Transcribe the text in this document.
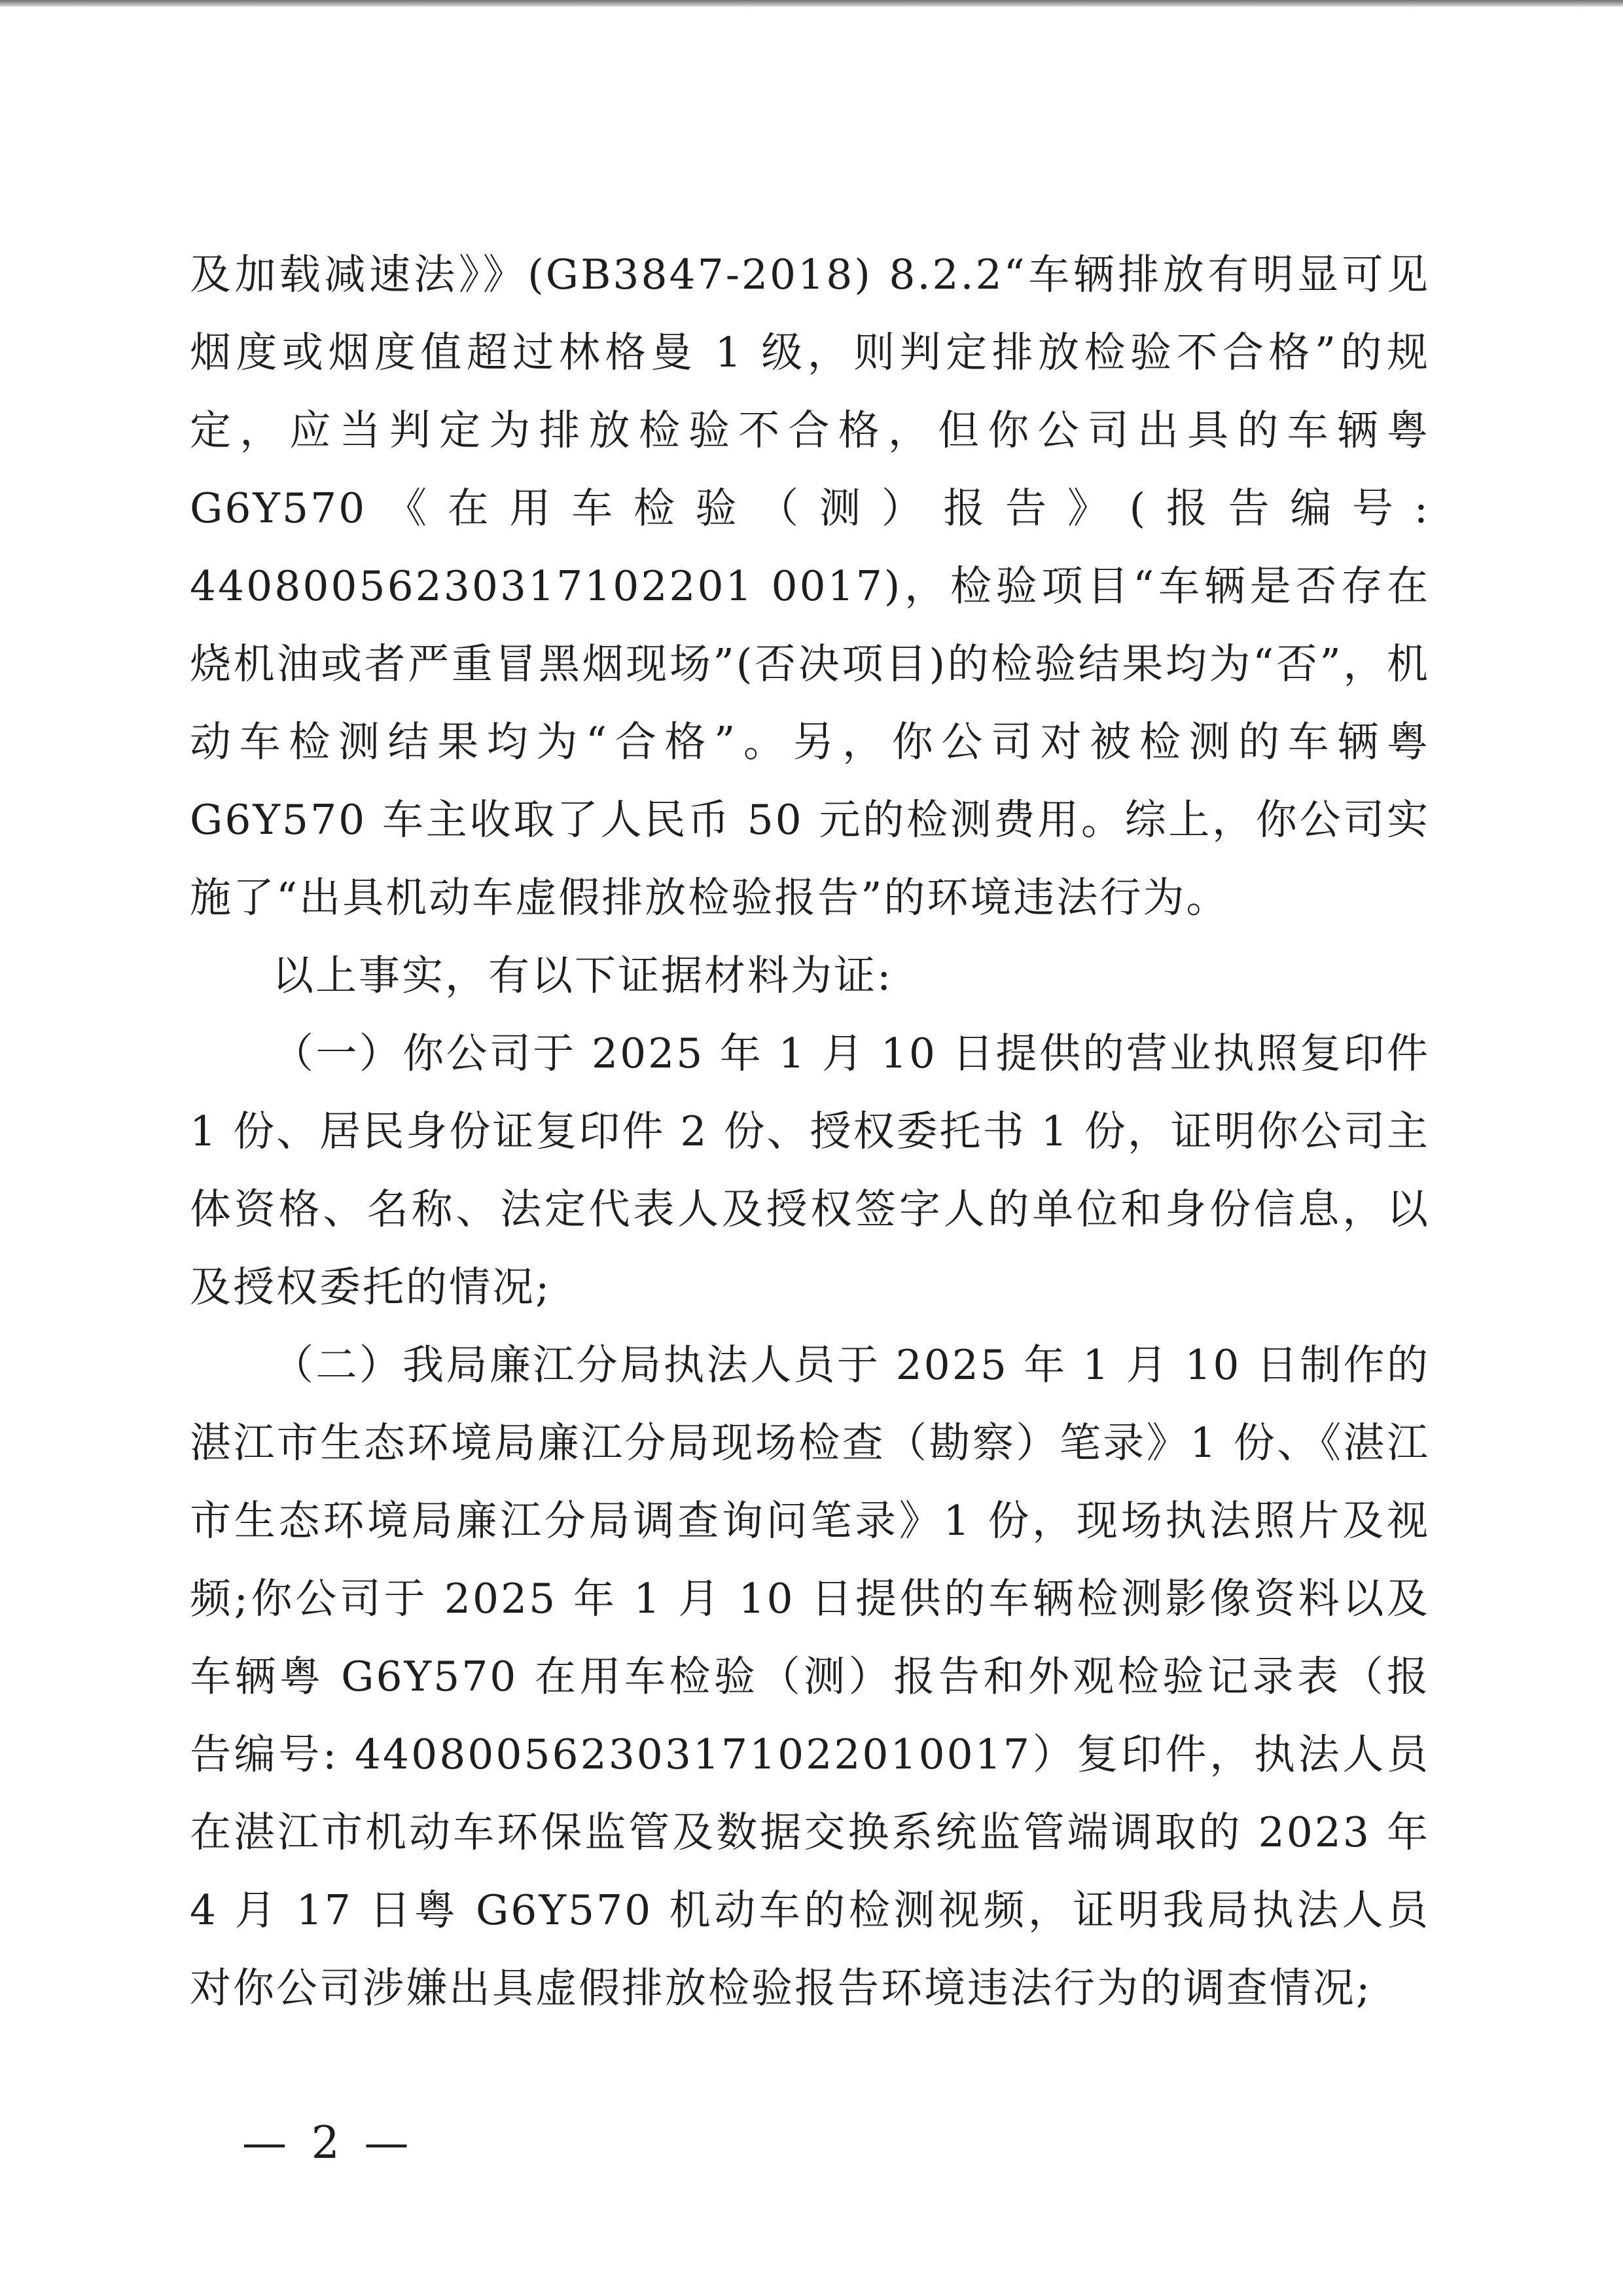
及加载减速法》》(GB3847-2018) 8.2.2“车辆排放有明显可见烟度或烟度值超过林格曼 1 级，则判定排放检验不合格”的规定，应当判定为排放检验不合格，但你公司出具的车辆粤 G6Y570《在用车检验（测）报告》(报告编号: 44080056230317102201 0017)，检验项目“车辆是否存在烧机油或者严重冒黑烟现场”(否决项目)的检验结果均为“否”，机动车检测结果均为“合格”。另，你公司对被检测的车辆粤 G6Y570 车主收取了人民币 50 元的检测费用。综上，你公司实施了“出具机动车虚假排放检验报告”的环境违法行为。

以上事实，有以下证据材料为证:

（一）你公司于 2025 年 1 月 10 日提供的营业执照复印件 1 份、居民身份证复印件 2 份、授权委托书 1 份，证明你公司主体资格、名称、法定代表人及授权签字人的单位和身份信息，以及授权委托的情况;

（二）我局廉江分局执法人员于 2025 年 1 月 10 日制作的湛江市生态环境局廉江分局现场检查（勘察）笔录》1 份、《湛江市生态环境局廉江分局调查询问笔录》1 份，现场执法照片及视频;你公司于 2025 年 1 月 10 日提供的车辆检测影像资料以及车辆粤 G6Y570 在用车检验（测）报告和外观检验记录表（报告编号: 440800562303171022010017）复印件，执法人员在湛江市机动车环保监管及数据交换系统监管端调取的 2023 年 4 月 17 日粤 G6Y570 机动车的检测视频，证明我局执法人员对你公司涉嫌出具虚假排放检验报告环境违法行为的调查情况;

— 2 —
